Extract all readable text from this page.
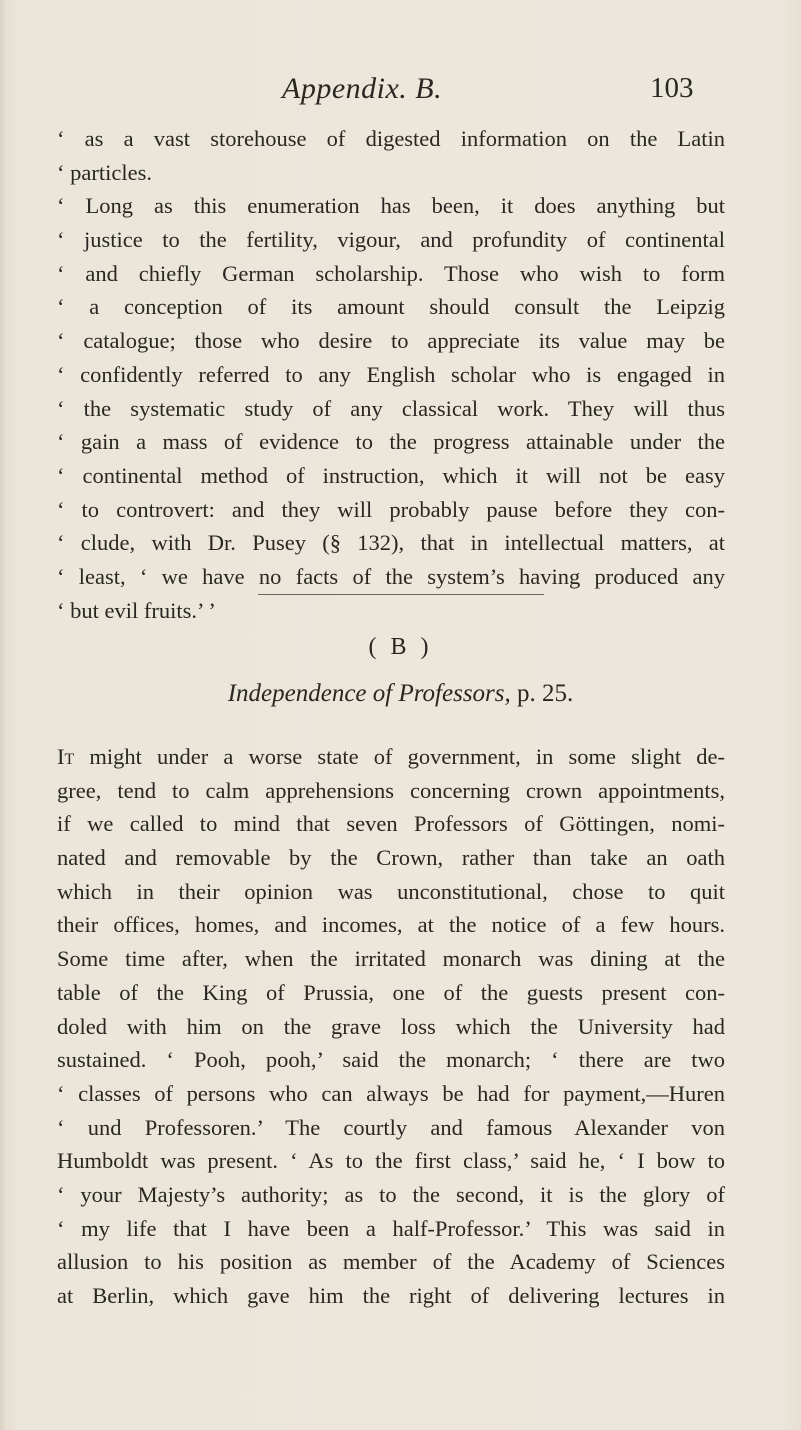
Appendix. B.	103
‘ as a vast storehouse of digested information on the Latin
‘ particles.
‘ Long as this enumeration has been, it does anything but
‘ justice to the fertility, vigour, and profundity of continental
‘ and chiefly German scholarship. Those who wish to form
‘ a conception of its amount should consult the Leipzig
‘ catalogue; those who desire to appreciate its value may be
‘ confidently referred to any English scholar who is engaged in
‘ the systematic study of any classical work. They will thus
‘ gain a mass of evidence to the progress attainable under the
‘ continental method of instruction, which it will not be easy
‘ to controvert: and they will probably pause before they con-
‘ clude, with Dr. Pusey (§ 132), that in intellectual matters, at
‘ least, ‘ we have no facts of the system’s having produced any
‘ but evil fruits.’ ’
( B )
Independence of Professors, p. 25.
It might under a worse state of government, in some slight de-
gree, tend to calm apprehensions concerning crown appointments,
if we called to mind that seven Professors of Göttingen, nomi-
nated and removable by the Crown, rather than take an oath
which in their opinion was unconstitutional, chose to quit
their offices, homes, and incomes, at the notice of a few hours.
Some time after, when the irritated monarch was dining at the
table of the King of Prussia, one of the guests present con-
doled with him on the grave loss which the University had
sustained. ‘ Pooh, pooh,’ said the monarch; ‘ there are two
‘ classes of persons who can always be had for payment,—Huren
‘ und Professoren.’ The courtly and famous Alexander von
Humboldt was present. ‘ As to the first class,’ said he, ‘ I bow to
‘ your Majesty’s authority; as to the second, it is the glory of
‘ my life that I have been a half-Professor.’ This was said in
allusion to his position as member of the Academy of Sciences
at Berlin, which gave him the right of delivering lectures in
